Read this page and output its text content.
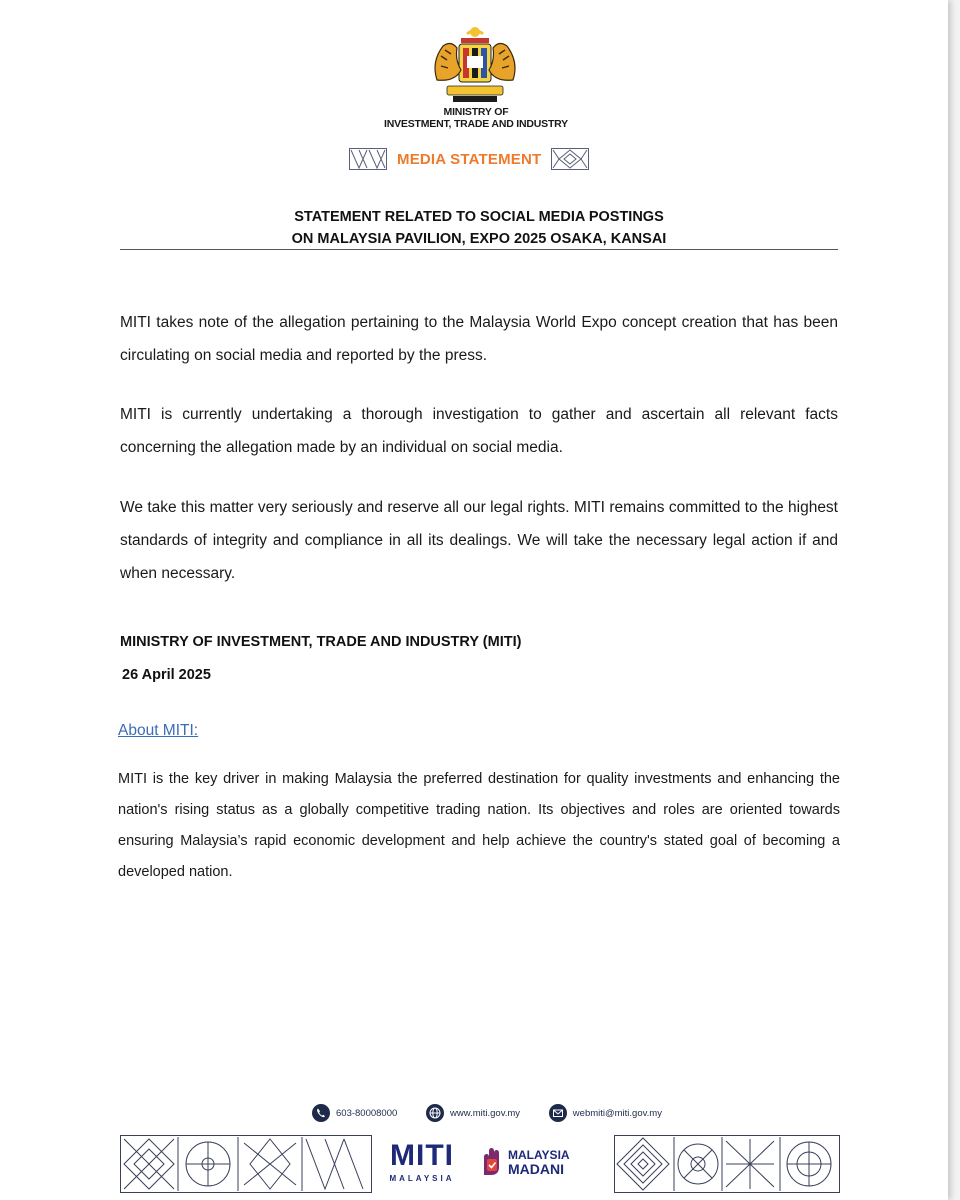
MINISTRY OF
INVESTMENT, TRADE AND INDUSTRY
MEDIA STATEMENT
STATEMENT RELATED TO SOCIAL MEDIA POSTINGS
ON MALAYSIA PAVILION, EXPO 2025 OSAKA, KANSAI
MITI takes note of the allegation pertaining to the Malaysia World Expo concept creation that has been circulating on social media and reported by the press.
MITI is currently undertaking a thorough investigation to gather and ascertain all relevant facts concerning the allegation made by an individual on social media.
We take this matter very seriously and reserve all our legal rights. MITI remains committed to the highest standards of integrity and compliance in all its dealings. We will take the necessary legal action if and when necessary.
MINISTRY OF INVESTMENT, TRADE AND INDUSTRY (MITI)
26 April 2025
About MITI:
MITI is the key driver in making Malaysia the preferred destination for quality investments and enhancing the nation's rising status as a globally competitive trading nation. Its objectives and roles are oriented towards ensuring Malaysia’s rapid economic development and help achieve the country's stated goal of becoming a developed nation.
603-80008000	www.miti.gov.my	webmiti@miti.gov.my
MITI
MALAYSIA
MALAYSIA
MADANI
